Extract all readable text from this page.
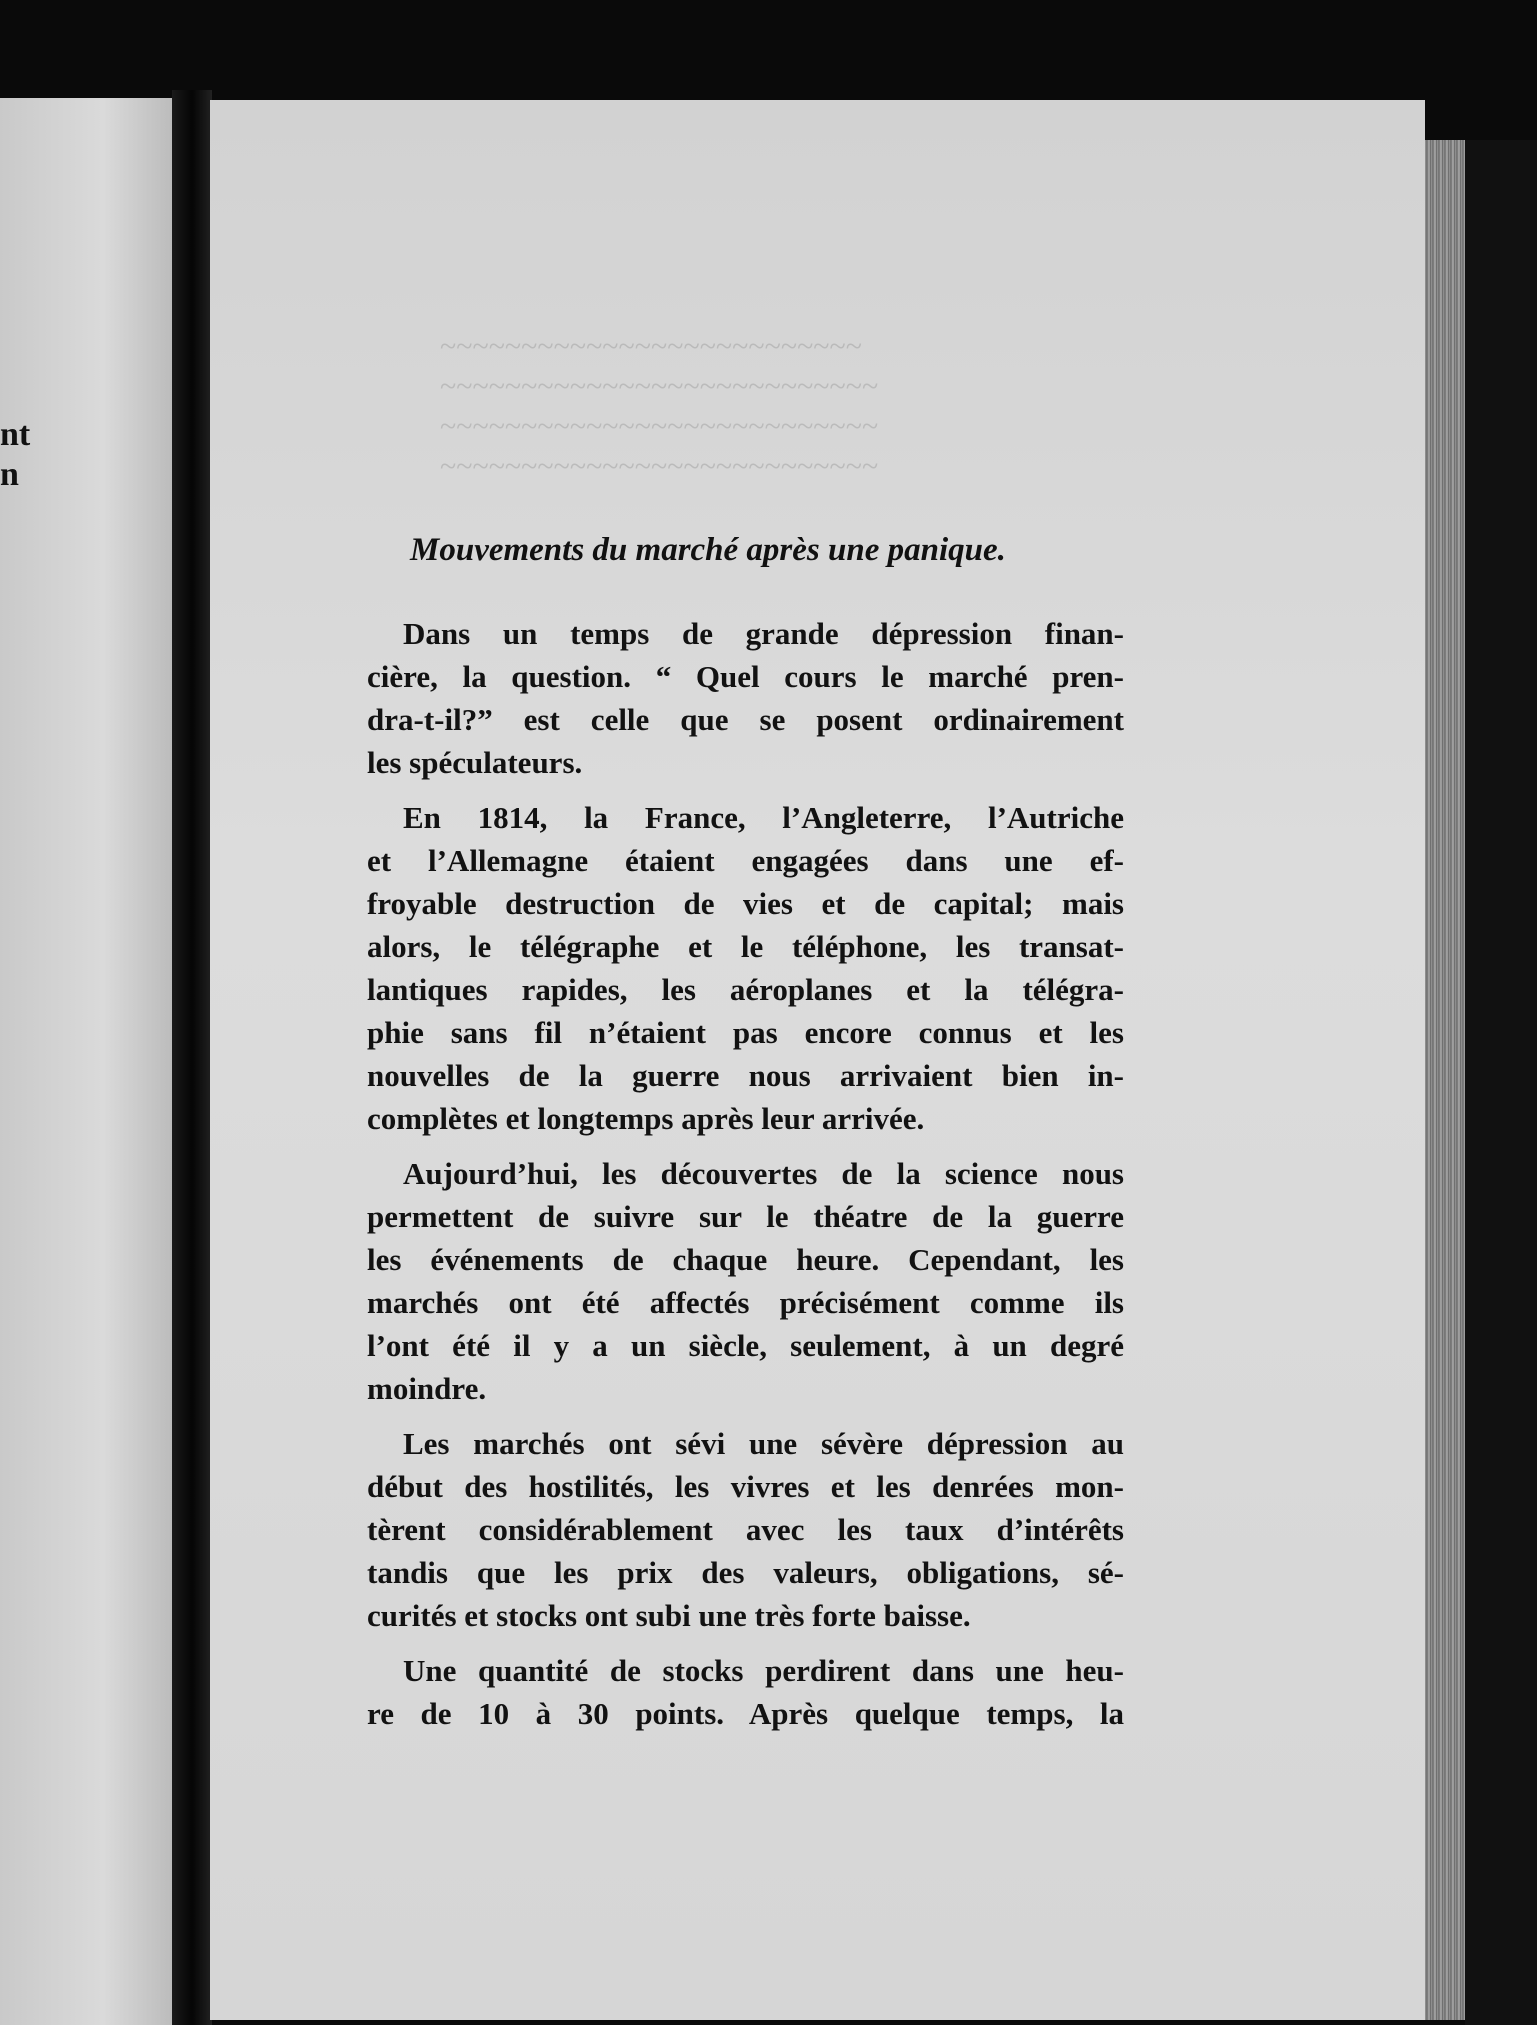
nt
n
~~~~~~~~~~~~~~~~~~~~~~~~~~
~~~~~~~~~~~~~~~~~~~~~~~~~~~
~~~~~~~~~~~~~~~~~~~~~~~~~~~
~~~~~~~~~~~~~~~~~~~~~~~~~~~
Mouvements du marché après une panique.
Dans un temps de grande dépression finan-
cière, la question. “ Quel cours le marché pren-
dra-t-il?” est celle que se posent ordinairement
les spéculateurs.
En 1814, la France, l’Angleterre, l’Autriche
et l’Allemagne étaient engagées dans une ef-
froyable destruction de vies et de capital; mais
alors, le télégraphe et le téléphone, les transat-
lantiques rapides, les aéroplanes et la télégra-
phie sans fil n’étaient pas encore connus et les
nouvelles de la guerre nous arrivaient bien in-
complètes et longtemps après leur arrivée.
Aujourd’hui, les découvertes de la science nous
permettent de suivre sur le théatre de la guerre
les événements de chaque heure. Cependant, les
marchés ont été affectés précisément comme ils
l’ont été il y a un siècle, seulement, à un degré
moindre.
Les marchés ont sévi une sévère dépression au
début des hostilités, les vivres et les denrées mon-
tèrent considérablement avec les taux d’intérêts
tandis que les prix des valeurs, obligations, sé-
curités et stocks ont subi une très forte baisse.
Une quantité de stocks perdirent dans une heu-
re de 10 à 30 points. Après quelque temps, la
